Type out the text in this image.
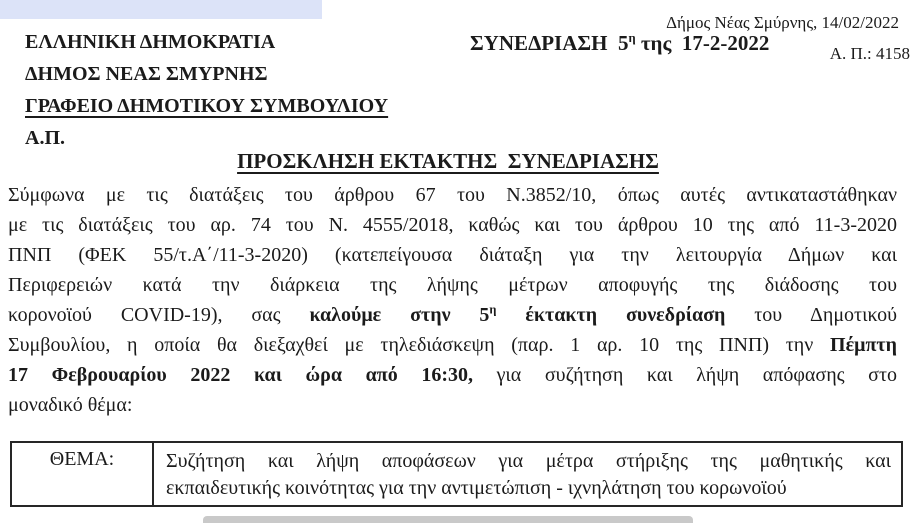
Δήμος Νέας Σμύρνης, 14/02/2022
ΣΥΝΕΔΡΙΑΣΗ  $5^\eta$ της  17-2-2022	Α. Π.: 4158
ΕΛΛΗΝΙΚΗ ΔΗΜΟΚΡΑΤΙΑ
ΔΗΜΟΣ ΝΕΑΣ ΣΜΥΡΝΗΣ
ΓΡΑΦΕΙΟ ΔΗΜΟΤΙΚΟΥ ΣΥΜΒΟΥΛΙΟΥ
Α.Π.
ΠΡΟΣΚΛΗΣΗ ΕΚΤΑΚΤΗΣ  ΣΥΝΕΔΡΙΑΣΗΣ
Σύμφωνα με τις διατάξεις του άρθρου 67 του Ν.3852/10, όπως αυτές αντικαταστάθηκαν
με τις διατάξεις του αρ. 74 του Ν. 4555/2018, καθώς και του άρθρου 10 της από 11-3-2020
ΠΝΠ (ΦΕΚ 55/τ.Α΄/11-3-2020) (κατεπείγουσα διάταξη για την λειτουργία Δήμων και
Περιφερειών κατά την διάρκεια της λήψης μέτρων αποφυγής της διάδοσης του
κορονοϊού COVID-19), σας καλούμε στην $5^\eta$ έκτακτη συνεδρίαση του Δημοτικού
Συμβουλίου, η οποία θα διεξαχθεί με τηλεδιάσκεψη (παρ. 1 αρ. 10 της ΠΝΠ) την Πέμπτη
17 Φεβρουαρίου 2022 και ώρα από 16:30, για συζήτηση και λήψη απόφασης στο
μοναδικό θέμα:
ΘΕΜΑ:	Συζήτηση και λήψη αποφάσεων για μέτρα στήριξης της μαθητικής και
εκπαιδευτικής κοινότητας για την αντιμετώπιση - ιχνηλάτηση του κορωνοϊού
